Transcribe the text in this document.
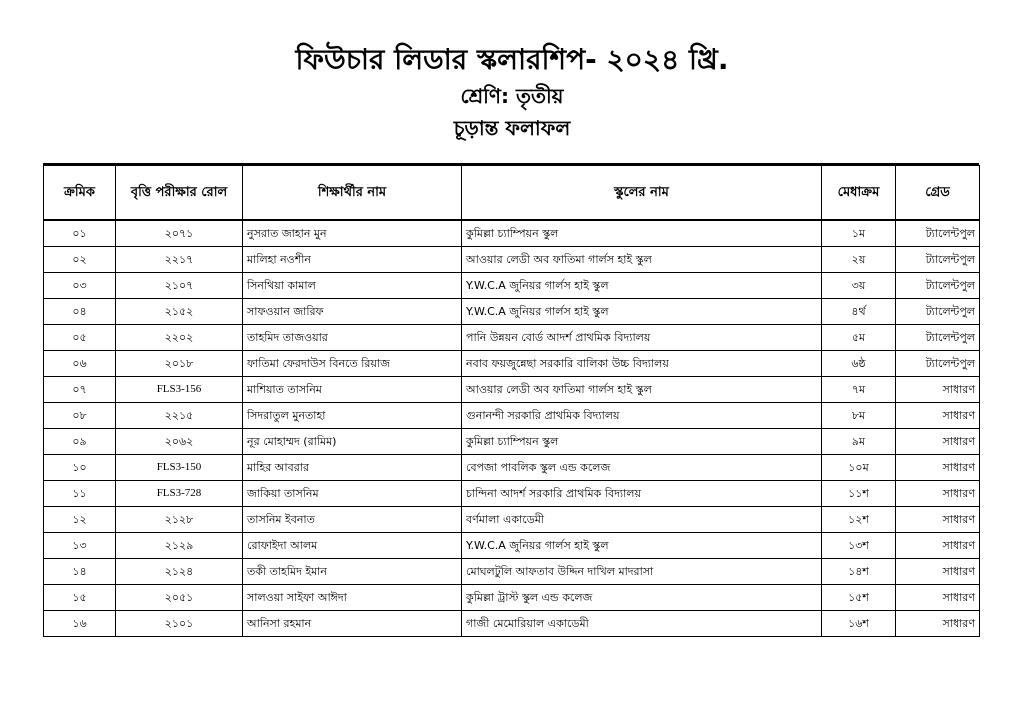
ফিউচার লিডার স্কলারশিপ- ২০২৪ খ্রি.
শ্রেণি: তৃতীয়
চূড়ান্ত ফলাফল
ক্রমিক	বৃত্তি পরীক্ষার রোল	শিক্ষার্থীর নাম	স্কুলের নাম	মেধাক্রম	গ্রেড
০১	২০৭১	নুসরাত জাহান মুন	কুমিল্লা চ্যাম্পিয়ন স্কুল	১ম	ট্যালেন্টপুল
০২	২২১৭	মালিহা নওশীন	আওয়ার লেডী অব ফাতিমা গার্লস হাই স্কুল	২য়	ট্যালেন্টপুল
০৩	২১০৭	সিনথিয়া কামাল	Y.W.C.A জুনিয়র গার্লস হাই স্কুল	৩য়	ট্যালেন্টপুল
০৪	২১৫২	সাফওয়ান জারিফ	Y.W.C.A জুনিয়র গার্লস হাই স্কুল	৪র্থ	ট্যালেন্টপুল
০৫	২২০২	তাহমিদ তাজওয়ার	পানি উন্নয়ন বোর্ড আদর্শ প্রাথমিক বিদ্যালয়	৫ম	ট্যালেন্টপুল
০৬	২০১৮	ফাতিমা ফেরদাউস বিনতে রিয়াজ	নবাব ফয়জুন্নেছা সরকারি বালিকা উচ্চ বিদ্যালয়	৬ষ্ঠ	ট্যালেন্টপুল
০৭	FLS3-156	মাশিয়াত তাসনিম	আওয়ার লেডী অব ফাতিমা গার্লস হাই স্কুল	৭ম	সাধারণ
০৮	২২১৫	সিদরাতুল মুনতাহা	গুনানন্দী সরকারি প্রাথমিক বিদ্যালয়	৮ম	সাধারণ
০৯	২০৬২	নূর মোহাম্মদ (রামিম)	কুমিল্লা চ্যাম্পিয়ন স্কুল	৯ম	সাধারণ
১০	FLS3-150	মাহির আবরার	বেপজা পাবলিক স্কুল এন্ড কলেজ	১০ম	সাধারণ
১১	FLS3-728	জাকিয়া তাসনিম	চান্দিনা আদর্শ সরকারি প্রাথমিক বিদ্যালয়	১১শ	সাধারণ
১২	২১২৮	তাসনিম ইবনাত	বর্ণমালা একাডেমী	১২শ	সাধারণ
১৩	২১২৯	রোফাইদা আলম	Y.W.C.A জুনিয়র গার্লস হাই স্কুল	১৩শ	সাধারণ
১৪	২১২৪	তকী তাহমিদ ইমান	মোঘলটুলি আফতাব উদ্দিন দাখিল মাদরাসা	১৪শ	সাধারণ
১৫	২০৫১	সালওয়া সাইফা আঈদা	কুমিল্লা ট্রাস্ট স্কুল এন্ড কলেজ	১৫শ	সাধারণ
১৬	২১০১	আনিসা রহমান	গাজী মেমোরিয়াল একাডেমী	১৬শ	সাধারণ
